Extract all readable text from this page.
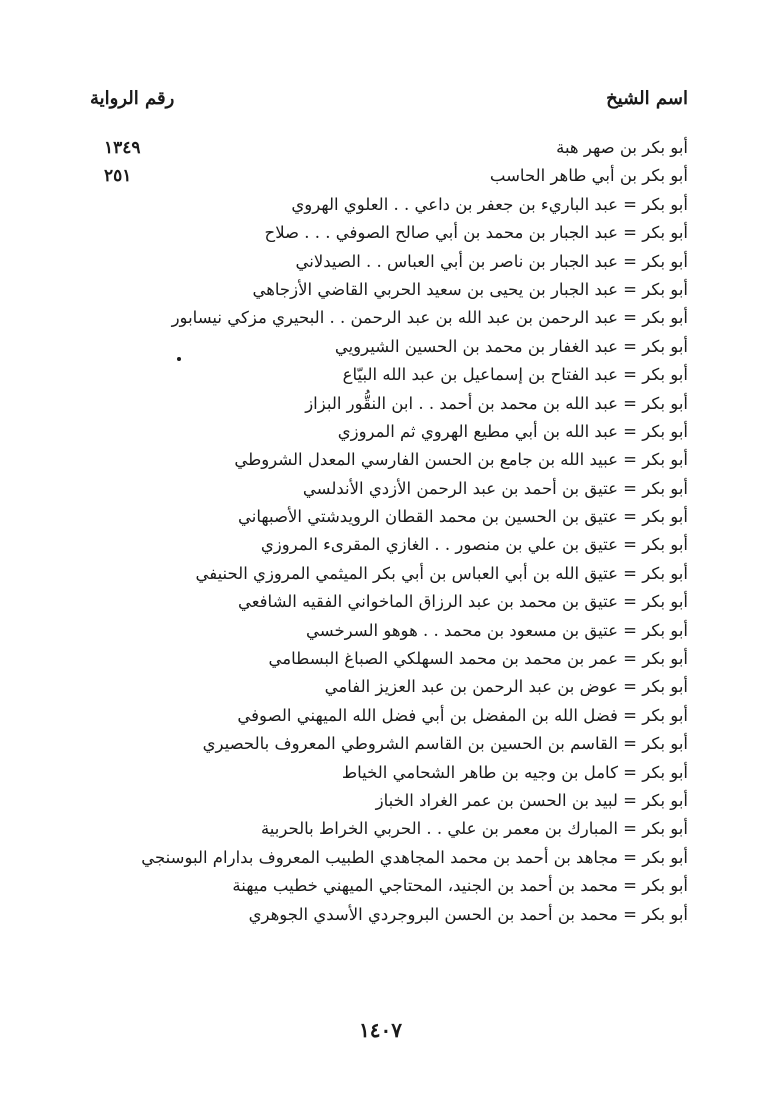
اسم الشيخ
رقم الرواية
أبو بكر بن صهر هبة
١٣٤٩
أبو بكر بن أبي طاهر الحاسب
٢٥١
أبو بكر = عبد الباريء بن جعفر بن داعي . . العلوي الهروي
أبو بكر = عبد الجبار بن محمد بن أبي صالح الصوفي . . . صلاح
أبو بكر = عبد الجبار بن ناصر بن أبي العباس . . الصيدلاني
أبو بكر = عبد الجبار بن يحيى بن سعيد الحربي القاضي الأزجاهي
أبو بكر = عبد الرحمن بن عبد الله بن عبد الرحمن . . البحيري مزكي نيسابور
أبو بكر = عبد الغفار بن محمد بن الحسين الشيرويي
أبو بكر = عبد الفتاح بن إسماعيل بن عبد الله البيّاع
أبو بكر = عبد الله بن محمد بن أحمد . . ابن النقُّور البزاز
أبو بكر = عبد الله بن أبي مطيع الهروي ثم المروزي
أبو بكر = عبيد الله بن جامع بن الحسن الفارسي المعدل الشروطي
أبو بكر = عتيق بن أحمد بن عبد الرحمن الأزدي الأندلسي
أبو بكر = عتيق بن الحسين بن محمد القطان الرويدشتي الأصبهاني
أبو بكر = عتيق بن علي بن منصور . . الغازي المقرىء المروزي
أبو بكر = عتيق الله بن أبي العباس بن أبي بكر الميثمي المروزي الحنيفي
أبو بكر = عتيق بن محمد بن عبد الرزاق الماخواني الفقيه الشافعي
أبو بكر = عتيق بن مسعود بن محمد . . هوهو السرخسي
أبو بكر = عمر بن محمد بن محمد السهلكي الصباغ البسطامي
أبو بكر = عوض بن عبد الرحمن بن عبد العزيز الفامي
أبو بكر = فضل الله بن المفضل بن أبي فضل الله الميهني الصوفي
أبو بكر = القاسم بن الحسين بن القاسم الشروطي المعروف بالحصيري
أبو بكر = كامل بن وجيه بن طاهر الشحامي الخياط
أبو بكر = لبيد بن الحسن بن عمر الغراد الخباز
أبو بكر = المبارك بن معمر بن علي . . الحربي الخراط بالحربية
أبو بكر = مجاهد بن أحمد بن محمد المجاهدي الطبيب المعروف بدارام البوسنجي
أبو بكر = محمد بن أحمد بن الجنيد، المحتاجي الميهني خطيب ميهنة
أبو بكر = محمد بن أحمد بن الحسن البروجردي الأسدي الجوهري
١٤٠٧
